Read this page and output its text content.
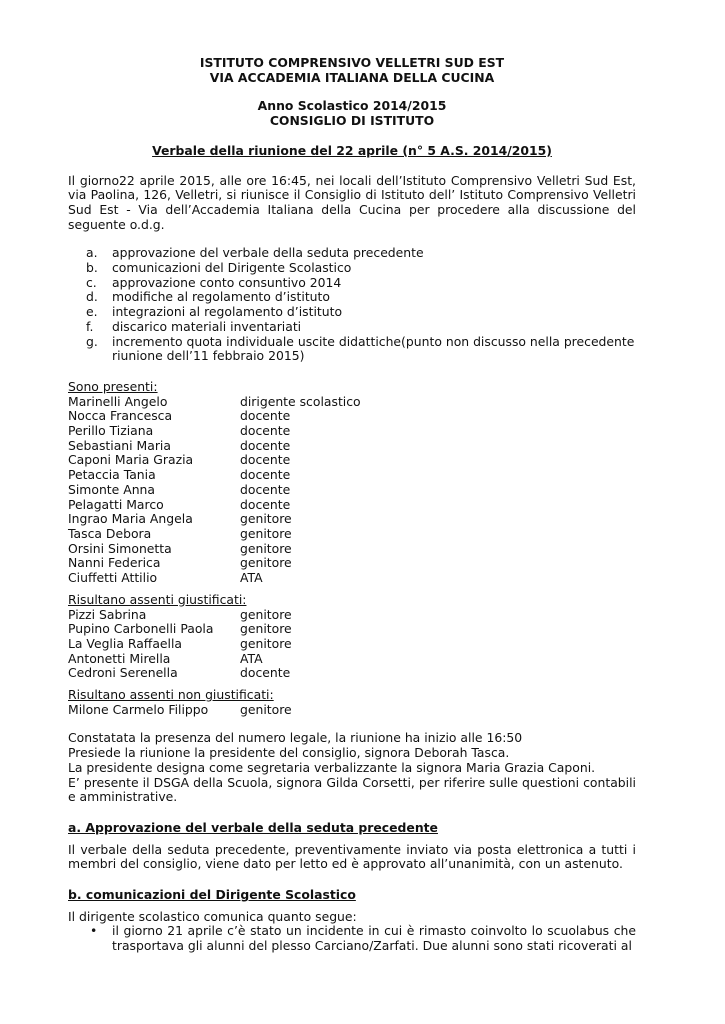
ISTITUTO COMPRENSIVO VELLETRI SUD EST

VIA ACCADEMIA ITALIANA DELLA CUCINA

Anno Scolastico 2014/2015

CONSIGLIO DI ISTITUTO

Verbale della riunione del 22 aprile (n° 5 A.S. 2014/2015)

Il giorno22 aprile 2015, alle ore 16:45, nei locali dell’Istituto Comprensivo Velletri Sud Est, via Paolina, 126, Velletri, si riunisce il Consiglio di Istituto dell’ Istituto Comprensivo Velletri Sud Est - Via dell’Accademia Italiana della Cucina per procedere alla discussione del seguente o.d.g.

a.	approvazione del verbale della seduta precedente
b.	comunicazioni del Dirigente Scolastico
c.	approvazione conto consuntivo 2014
d.	modifiche al regolamento d’istituto
e.	integrazioni al regolamento d’istituto
f.	discarico materiali inventariati
g.	incremento quota individuale uscite didattiche(punto non discusso nella precedente riunione dell’11 febbraio 2015)
Sono presenti:
Marinelli Angelo	dirigente scolastico
Nocca Francesca	docente
Perillo Tiziana	docente
Sebastiani Maria	docente
Caponi Maria Grazia	docente
Petaccia Tania	docente
Simonte Anna	docente
Pelagatti Marco	docente
Ingrao Maria Angela	genitore
Tasca Debora	genitore
Orsini Simonetta	genitore
Nanni Federica	genitore
Ciuffetti Attilio	ATA
Risultano assenti giustificati:
Pizzi Sabrina	genitore
Pupino Carbonelli Paola	genitore
La Veglia Raffaella	genitore
Antonetti Mirella	ATA
Cedroni Serenella	docente
Risultano assenti non giustificati:
Milone Carmelo Filippo	genitore

Constatata la presenza del numero legale, la riunione ha inizio alle 16:50

Presiede la riunione la presidente del consiglio, signora Deborah Tasca.

La presidente designa come segretaria verbalizzante la signora Maria Grazia Caponi.

E’ presente il DSGA della Scuola, signora Gilda Corsetti, per riferire sulle questioni contabili e amministrative.

a. Approvazione del verbale della seduta precedente

Il verbale della seduta precedente, preventivamente inviato via posta elettronica a tutti i membri del consiglio, viene dato per letto ed è approvato all’unanimità, con un astenuto.

b. comunicazioni del Dirigente Scolastico

Il dirigente scolastico comunica quanto segue:

•	il giorno 21 aprile c’è stato un incidente in cui è rimasto coinvolto lo scuolabus che trasportava gli alunni del plesso Carciano/Zarfati. Due alunni sono stati ricoverati al
